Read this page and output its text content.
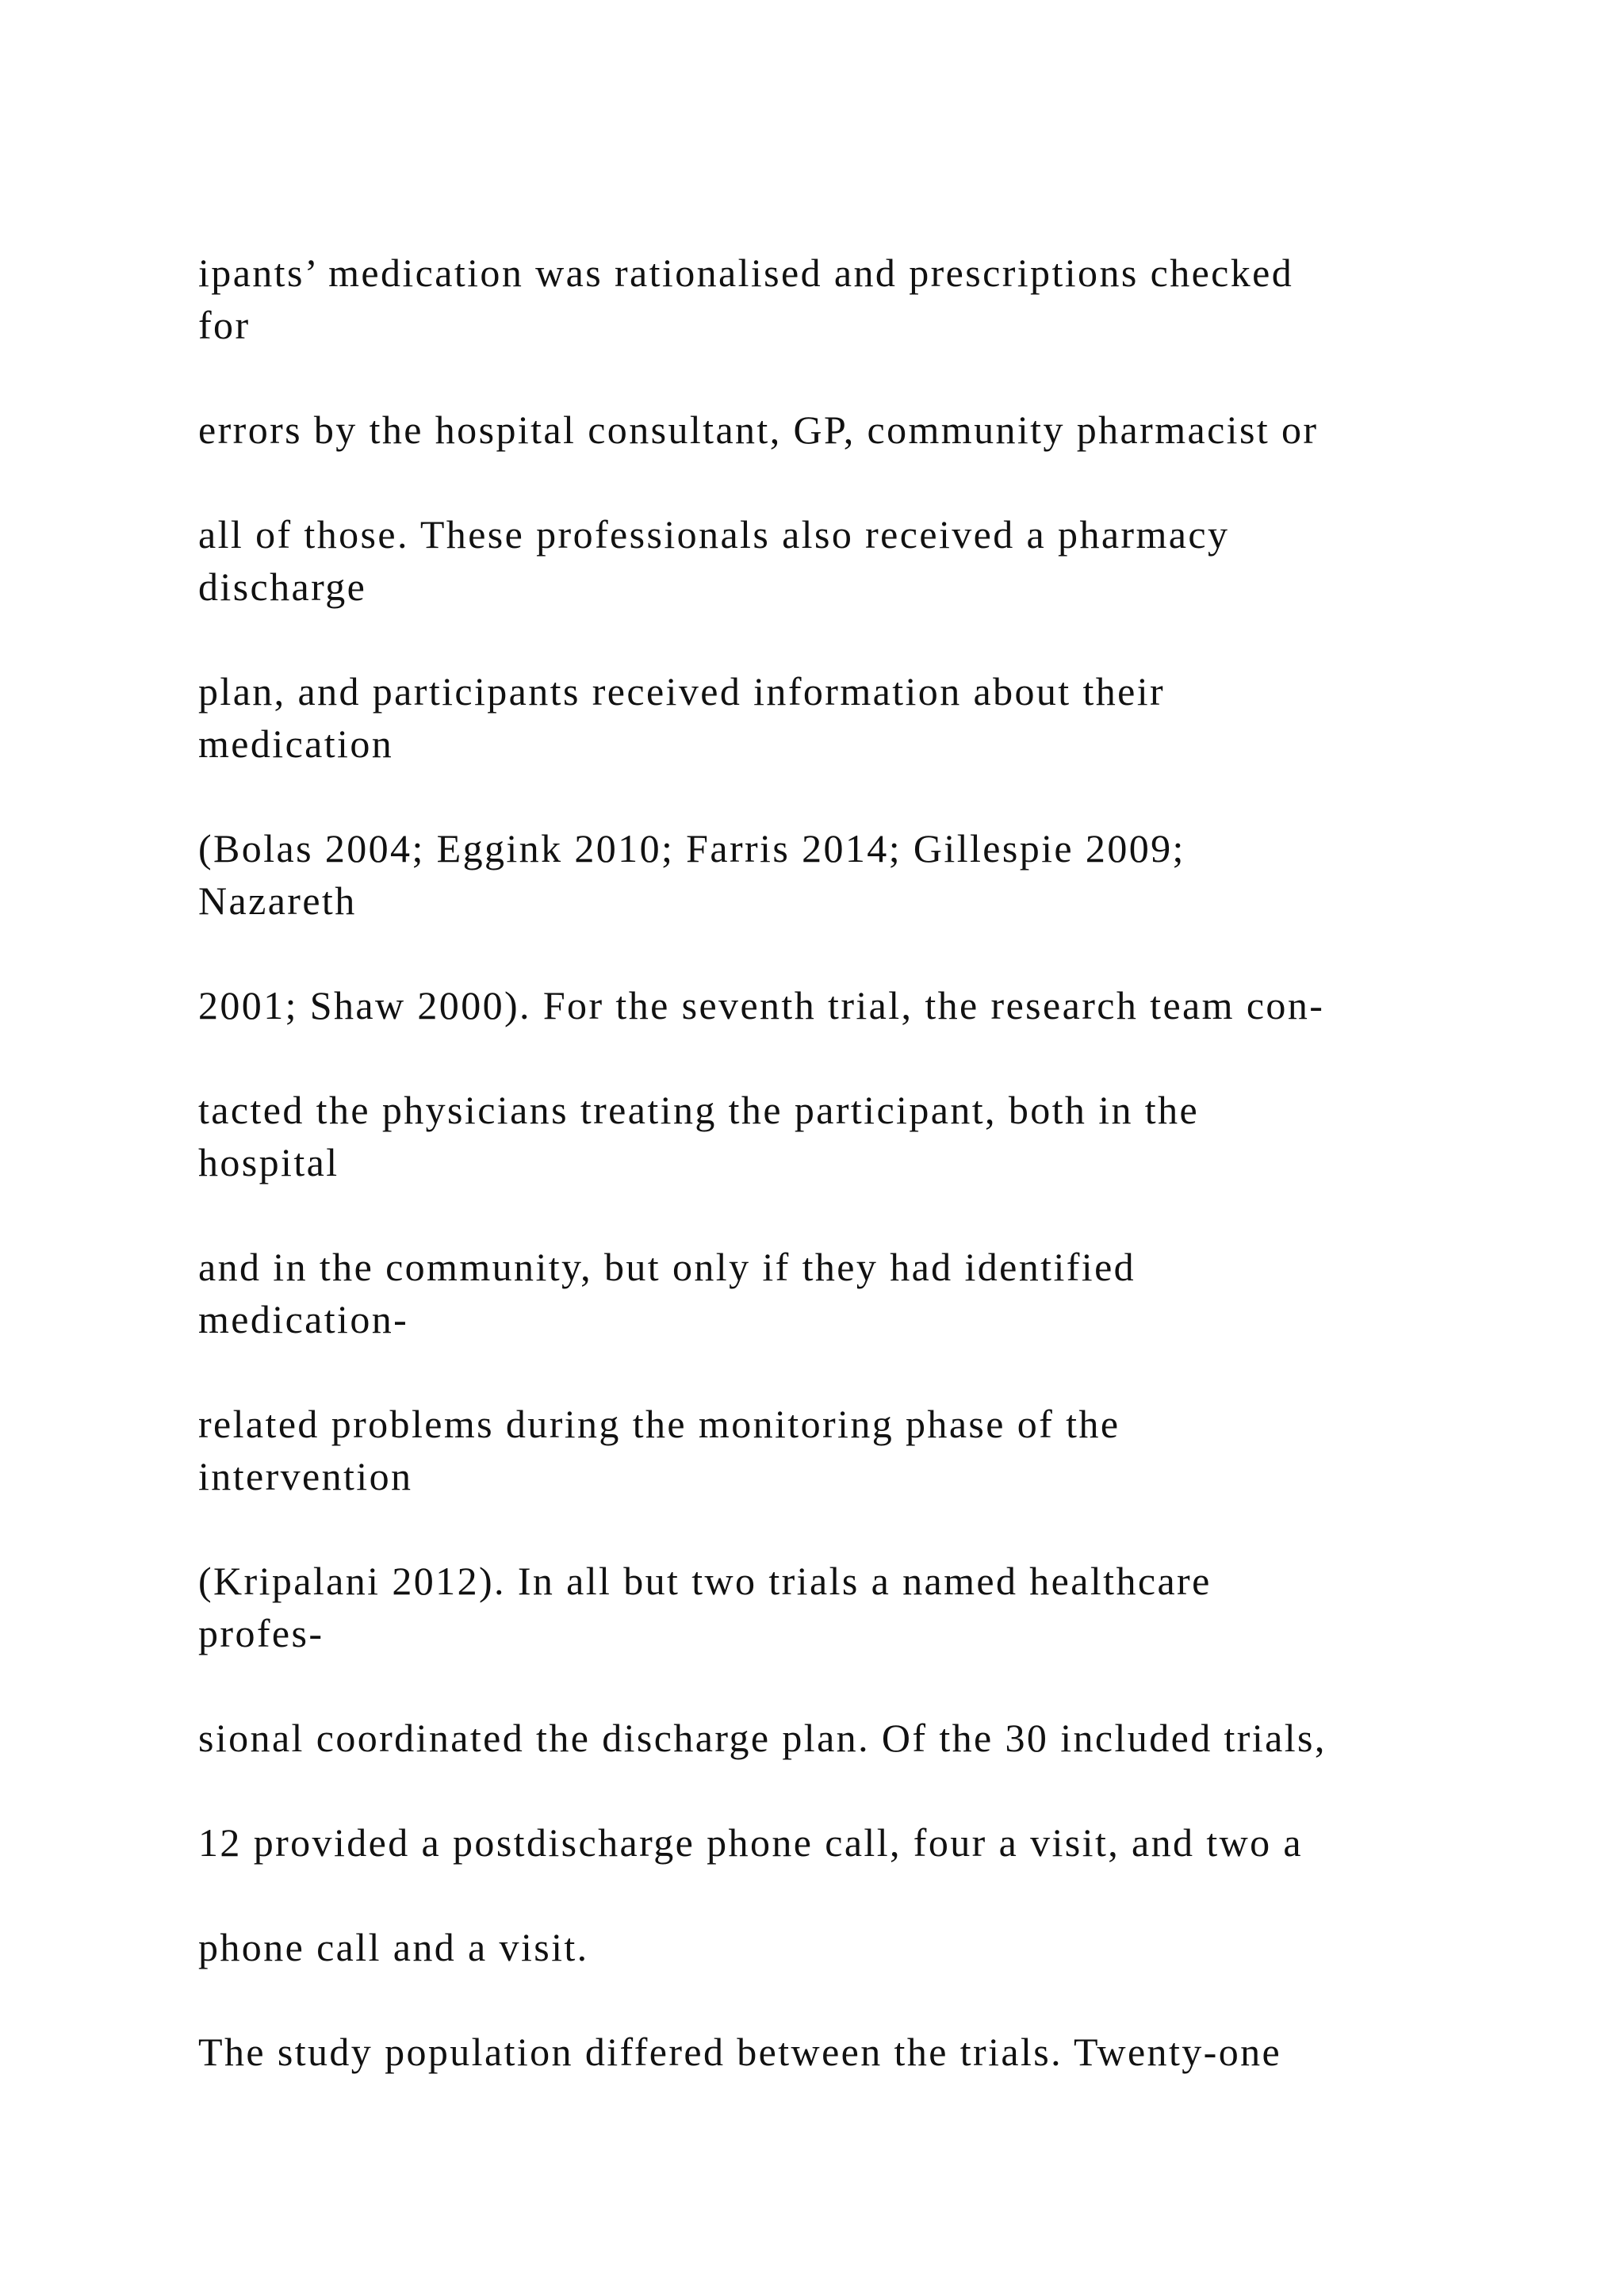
ipants’ medication was rationalised and prescriptions checked

for

errors by the hospital consultant, GP, community pharmacist or

all of those. These professionals also received a pharmacy

discharge

plan, and participants received information about their

medication

(Bolas 2004; Eggink 2010; Farris 2014; Gillespie 2009;

Nazareth

2001; Shaw 2000). For the seventh trial, the research team con-

tacted the physicians treating the participant, both in the

hospital

and in the community, but only if they had identified

medication-

related problems during the monitoring phase of the

intervention

(Kripalani 2012). In all but two trials a named healthcare

profes-

sional coordinated the discharge plan. Of the 30 included trials,

12 provided a postdischarge phone call, four a visit, and two a

phone call and a visit.

The study population differed between the trials. Twenty-one
